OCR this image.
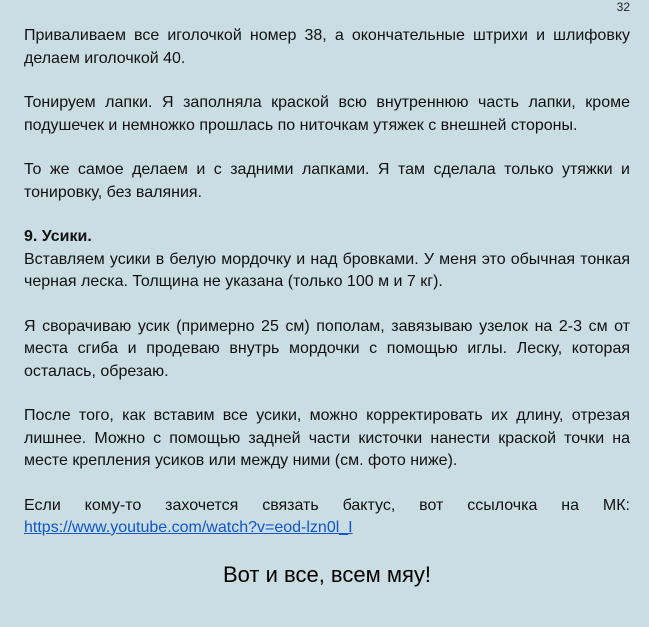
32

Приваливаем все иголочкой номер 38, а окончательные штрихи и шлифовку делаем иголочкой 40.

Тонируем лапки. Я заполняла краской всю внутреннюю часть лапки, кроме подушечек и немножко прошлась по ниточкам утяжек с внешней стороны.

То же самое делаем и с задними лапками. Я там сделала только утяжки и тонировку, без валяния.

9. Усики.

Вставляем усики в белую мордочку и над бровками. У меня это обычная тонкая черная леска. Толщина не указана (только 100 м и 7 кг).

Я сворачиваю усик (примерно 25 см) пополам, завязываю узелок на 2-3 см от места сгиба и продеваю внутрь мордочки с помощью иглы. Леску, которая осталась, обрезаю.

После того, как вставим все усики, можно корректировать их длину, отрезая лишнее. Можно с помощью задней части кисточки нанести краской точки на месте крепления усиков или между ними (см. фото ниже).

Если кому-то захочется связать бактус, вот ссылочка на МК:

https://www.youtube.com/watch?v=eod-lzn0l_I

Вот и все, всем мяу!
